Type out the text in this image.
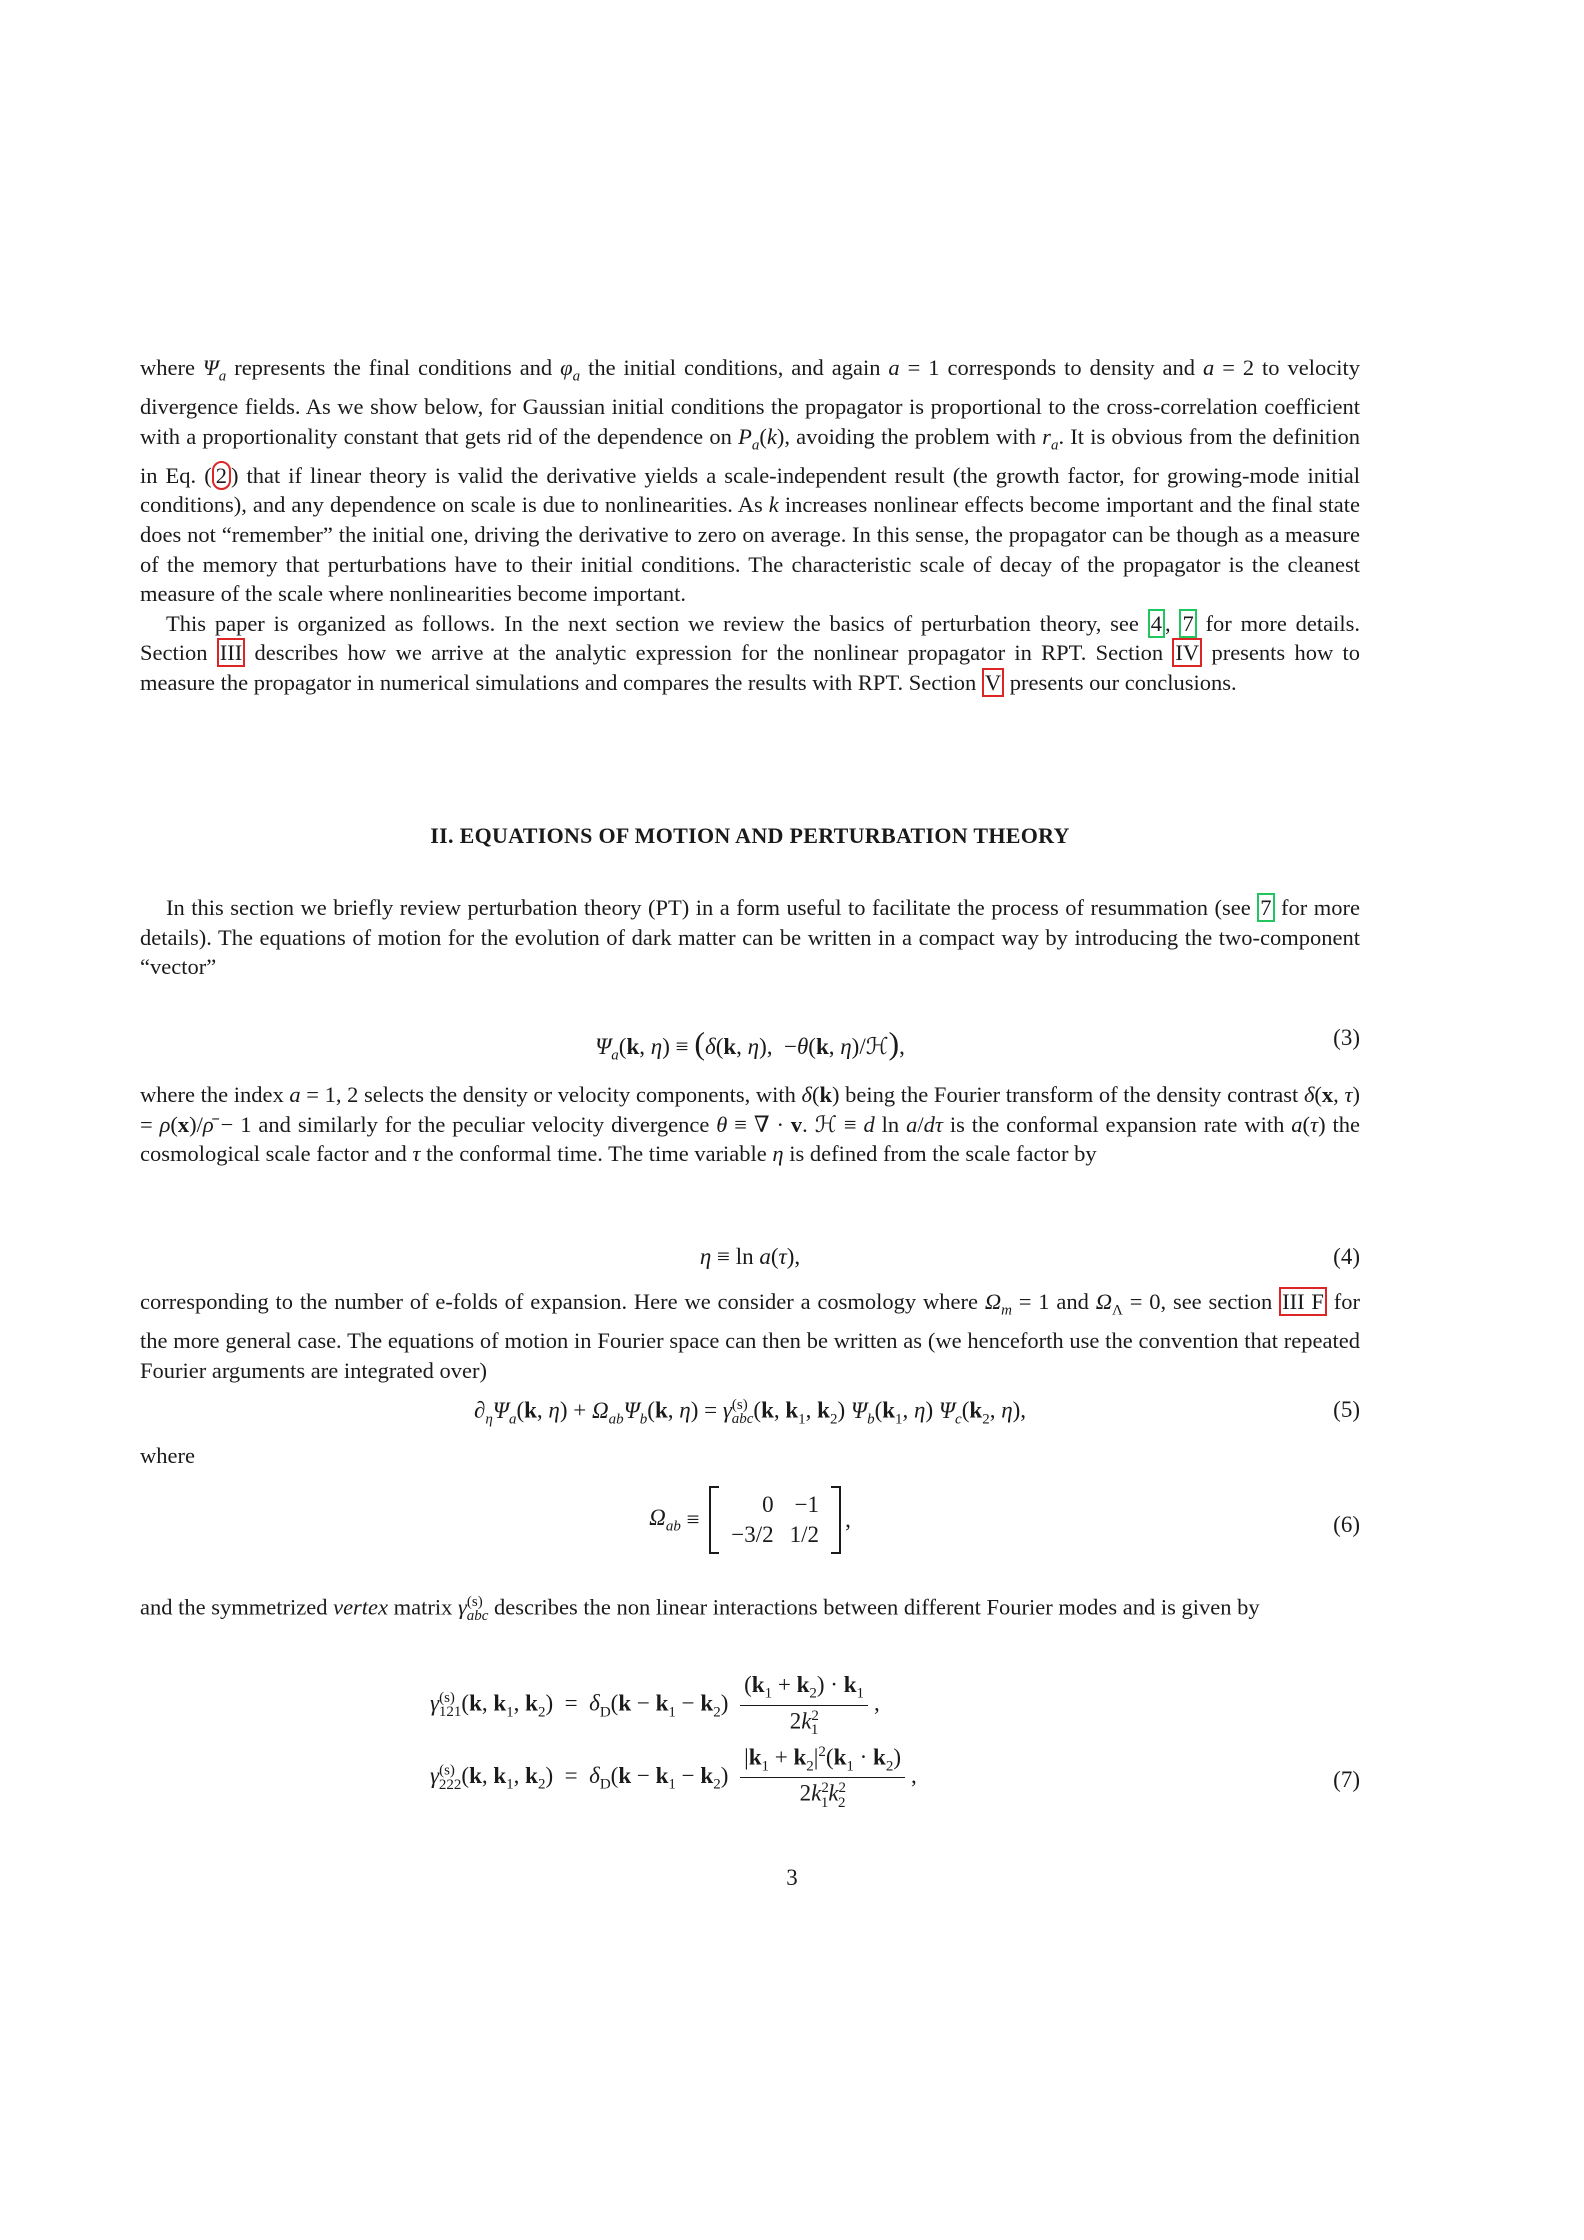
where $\Psi_a$ represents the final conditions and $\varphi_a$ the initial conditions, and again a = 1 corresponds to density and a = 2 to velocity divergence fields. As we show below, for Gaussian initial conditions the propagator is proportional to the cross-correlation coefficient with a proportionality constant that gets rid of the dependence on $P_a(k)$, avoiding the problem with $r_a$. It is obvious from the definition in Eq. ( 2 ) that if linear theory is valid the derivative yields a scale-independent result (the growth factor, for growing-mode initial conditions), and any dependence on scale is due to nonlinearities. As k increases nonlinear effects become important and the final state does not “remember” the initial one, driving the derivative to zero on average. In this sense, the propagator can be though as a measure of the memory that perturbations have to their initial conditions. The characteristic scale of decay of the propagator is the cleanest measure of the scale where nonlinearities become important.

This paper is organized as follows. In the next section we review the basics of perturbation theory, see 4 , 7 for more details. Section III describes how we arrive at the analytic expression for the nonlinear propagator in RPT. Section IV presents how to measure the propagator in numerical simulations and compares the results with RPT. Section V presents our conclusions.

II. EQUATIONS OF MOTION AND PERTURBATION THEORY

In this section we briefly review perturbation theory (PT) in a form useful to facilitate the process of resummation (see 7 for more details). The equations of motion for the evolution of dark matter can be written in a compact way by introducing the two-component “vector”

$\Psi_a(k$, η) ≡ (δ(k, η),  −θ(k, η)/ℋ),	(3)

where the index a = 1, 2 selects the density or velocity components, with δ(k) being the Fourier transform of the density contrast δ(x, τ) = ρ(x)/ρ̄ − 1 and similarly for the peculiar velocity divergence θ ≡ ∇ · v. ℋ ≡ d ln a/dτ is the conformal expansion rate with a(τ) the cosmological scale factor and τ the conformal time. The time variable η is defined from the scale factor by

η ≡ ln a(τ),	(4)

corresponding to the number of e-folds of expansion. Here we consider a cosmology where $\Omega_m = 1$ and $\Omega_\Lambda = 0$, see section III F for the more general case. The equations of motion in Fourier space can then be written as (we henceforth use the convention that repeated Fourier arguments are integrated over)

$\partial_\eta\Psi_a(k$, $\eta) + \Omega_{ab}\Psi_b(k$, $\eta) = \gamma^{(s)}_{abc}(k$, $k_1$, $k_2$) $\Psi_b(k_1$, η) $\Psi_c(k_2$, η),	(5)

where

$\Omega_{ab}$ ≡
0	−1
−3/2	1/2
,	(6)

and the symmetrized vertex matrix $\gamma^{(s)}_{abc}$ describes the non linear interactions between different Fourier modes and is given by

$\gamma^{(s)}_{121}(k$, $k_1$, $k_2) = \delta_D(k - k_1 - k_2) \frac{(k_1 + k_2) \cdot k_1}{2k^2_1}$ ,
$\gamma^{(s)}_{222}(k$, $k_1$, $k_2) = \delta_D(k - k_1 - k_2) \frac{|k_1 + k_2|^2(k_1 \cdot k_2)}{2k^2_1k^2_2}$ ,	(7)
3
